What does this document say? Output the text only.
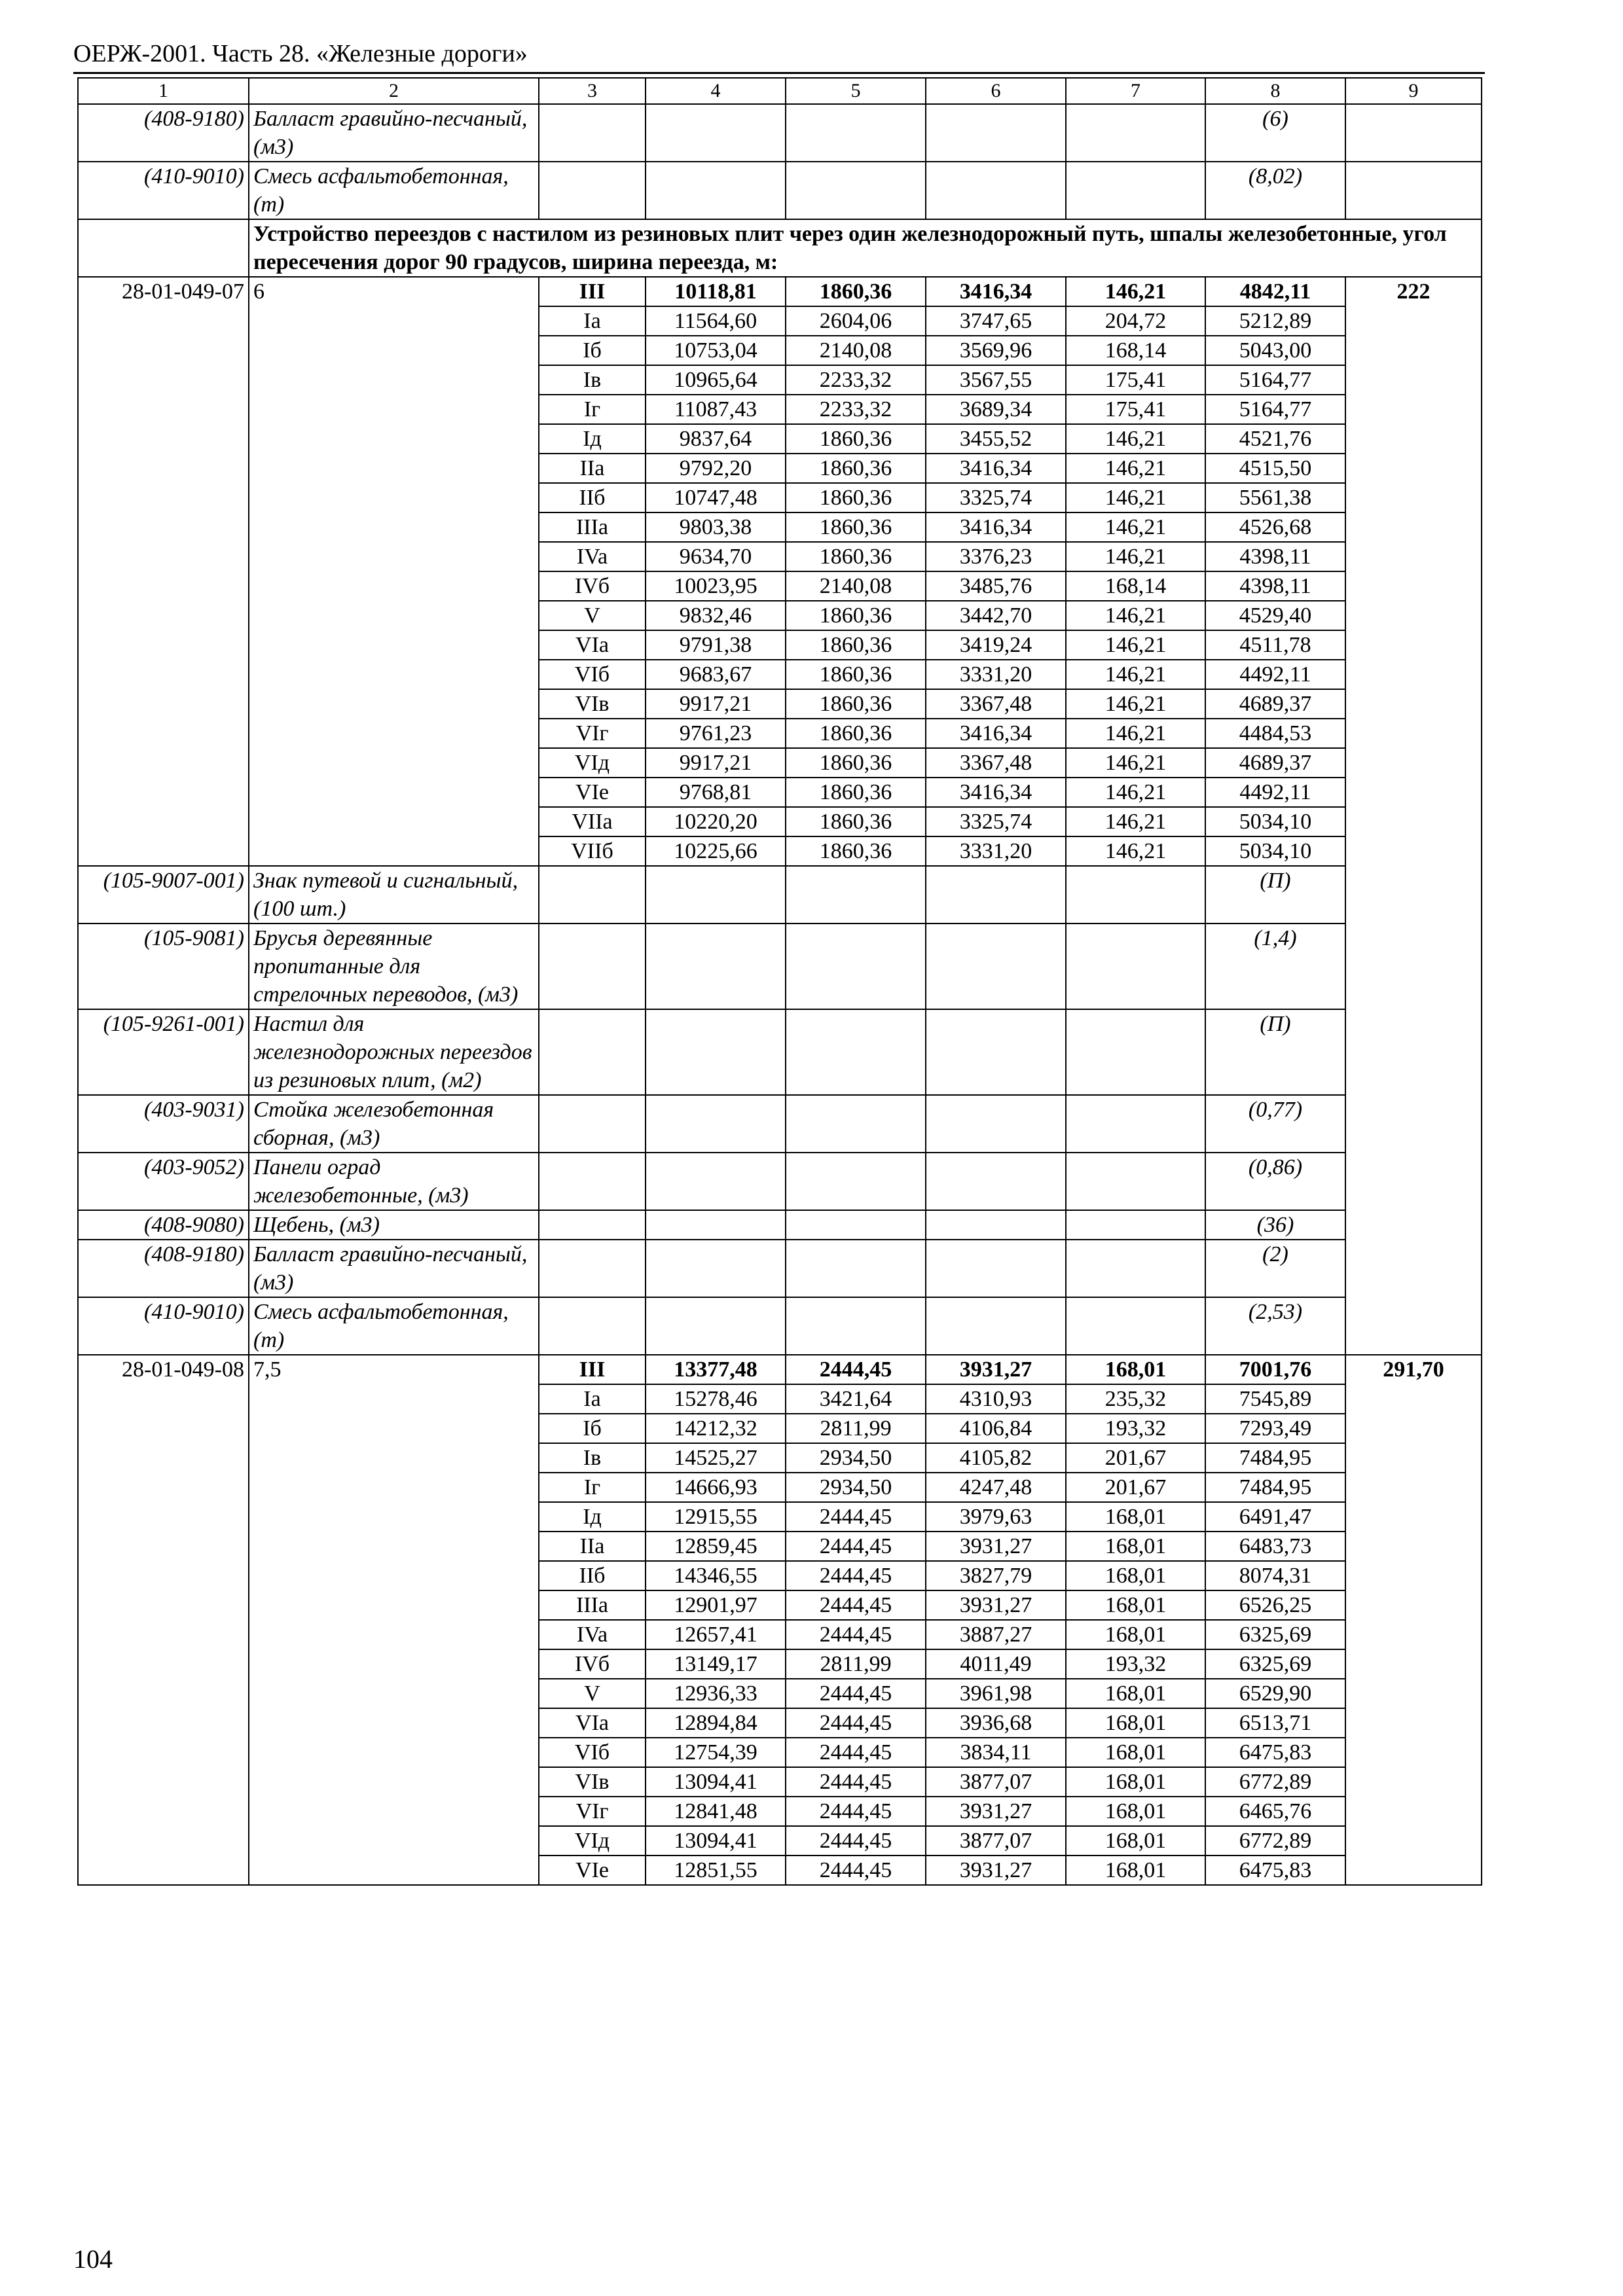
ОЕРЖ-2001. Часть 28. «Железные дороги»
1	2	3	4	5	6	7	8	9
(408-9180)	Балласт гравийно-песчаный, (м3)						(6)	
(410-9010)	Смесь асфальтобетонная, (т)						(8,02)	
	Устройство переездов с настилом из резиновых плит через один железнодорожный путь, шпалы железобетонные, угол пересечения дорог 90 градусов, ширина переезда, м:							
28-01-049-07	6	III	10118,81	1860,36	3416,34	146,21	4842,11	222
		Ia	11564,60	2604,06	3747,65	204,72	5212,89	
		Iб	10753,04	2140,08	3569,96	168,14	5043,00	
		Iв	10965,64	2233,32	3567,55	175,41	5164,77	
		Iг	11087,43	2233,32	3689,34	175,41	5164,77	
		Iд	9837,64	1860,36	3455,52	146,21	4521,76	
		IIa	9792,20	1860,36	3416,34	146,21	4515,50	
		IIб	10747,48	1860,36	3325,74	146,21	5561,38	
		IIIa	9803,38	1860,36	3416,34	146,21	4526,68	
		IVa	9634,70	1860,36	3376,23	146,21	4398,11	
		IVб	10023,95	2140,08	3485,76	168,14	4398,11	
		V	9832,46	1860,36	3442,70	146,21	4529,40	
		VIa	9791,38	1860,36	3419,24	146,21	4511,78	
		VIб	9683,67	1860,36	3331,20	146,21	4492,11	
		VIв	9917,21	1860,36	3367,48	146,21	4689,37	
		VIг	9761,23	1860,36	3416,34	146,21	4484,53	
		VIд	9917,21	1860,36	3367,48	146,21	4689,37	
		VIe	9768,81	1860,36	3416,34	146,21	4492,11	
		VIIa	10220,20	1860,36	3325,74	146,21	5034,10	
		VIIб	10225,66	1860,36	3331,20	146,21	5034,10	
(105-9007-001)	Знак путевой и сигнальный, (100 шт.)						(П)	
(105-9081)	Брусья деревянные пропитанные для стрелочных переводов, (м3)						(1,4)	
(105-9261-001)	Настил для железнодорожных переездов из резиновых плит, (м2)						(П)	
(403-9031)	Стойка железобетонная сборная, (м3)						(0,77)	
(403-9052)	Панели оград железобетонные, (м3)						(0,86)	
(408-9080)	Щебень, (м3)						(36)	
(408-9180)	Балласт гравийно-песчаный, (м3)						(2)	
(410-9010)	Смесь асфальтобетонная, (т)						(2,53)	
28-01-049-08	7,5	III	13377,48	2444,45	3931,27	168,01	7001,76	291,70
		Ia	15278,46	3421,64	4310,93	235,32	7545,89	
		Iб	14212,32	2811,99	4106,84	193,32	7293,49	
		Iв	14525,27	2934,50	4105,82	201,67	7484,95	
		Iг	14666,93	2934,50	4247,48	201,67	7484,95	
		Iд	12915,55	2444,45	3979,63	168,01	6491,47	
		IIa	12859,45	2444,45	3931,27	168,01	6483,73	
		IIб	14346,55	2444,45	3827,79	168,01	8074,31	
		IIIa	12901,97	2444,45	3931,27	168,01	6526,25	
		IVa	12657,41	2444,45	3887,27	168,01	6325,69	
		IVб	13149,17	2811,99	4011,49	193,32	6325,69	
		V	12936,33	2444,45	3961,98	168,01	6529,90	
		VIa	12894,84	2444,45	3936,68	168,01	6513,71	
		VIб	12754,39	2444,45	3834,11	168,01	6475,83	
		VIв	13094,41	2444,45	3877,07	168,01	6772,89	
		VIг	12841,48	2444,45	3931,27	168,01	6465,76	
		VIд	13094,41	2444,45	3877,07	168,01	6772,89	
		VIe	12851,55	2444,45	3931,27	168,01	6475,83	
104
